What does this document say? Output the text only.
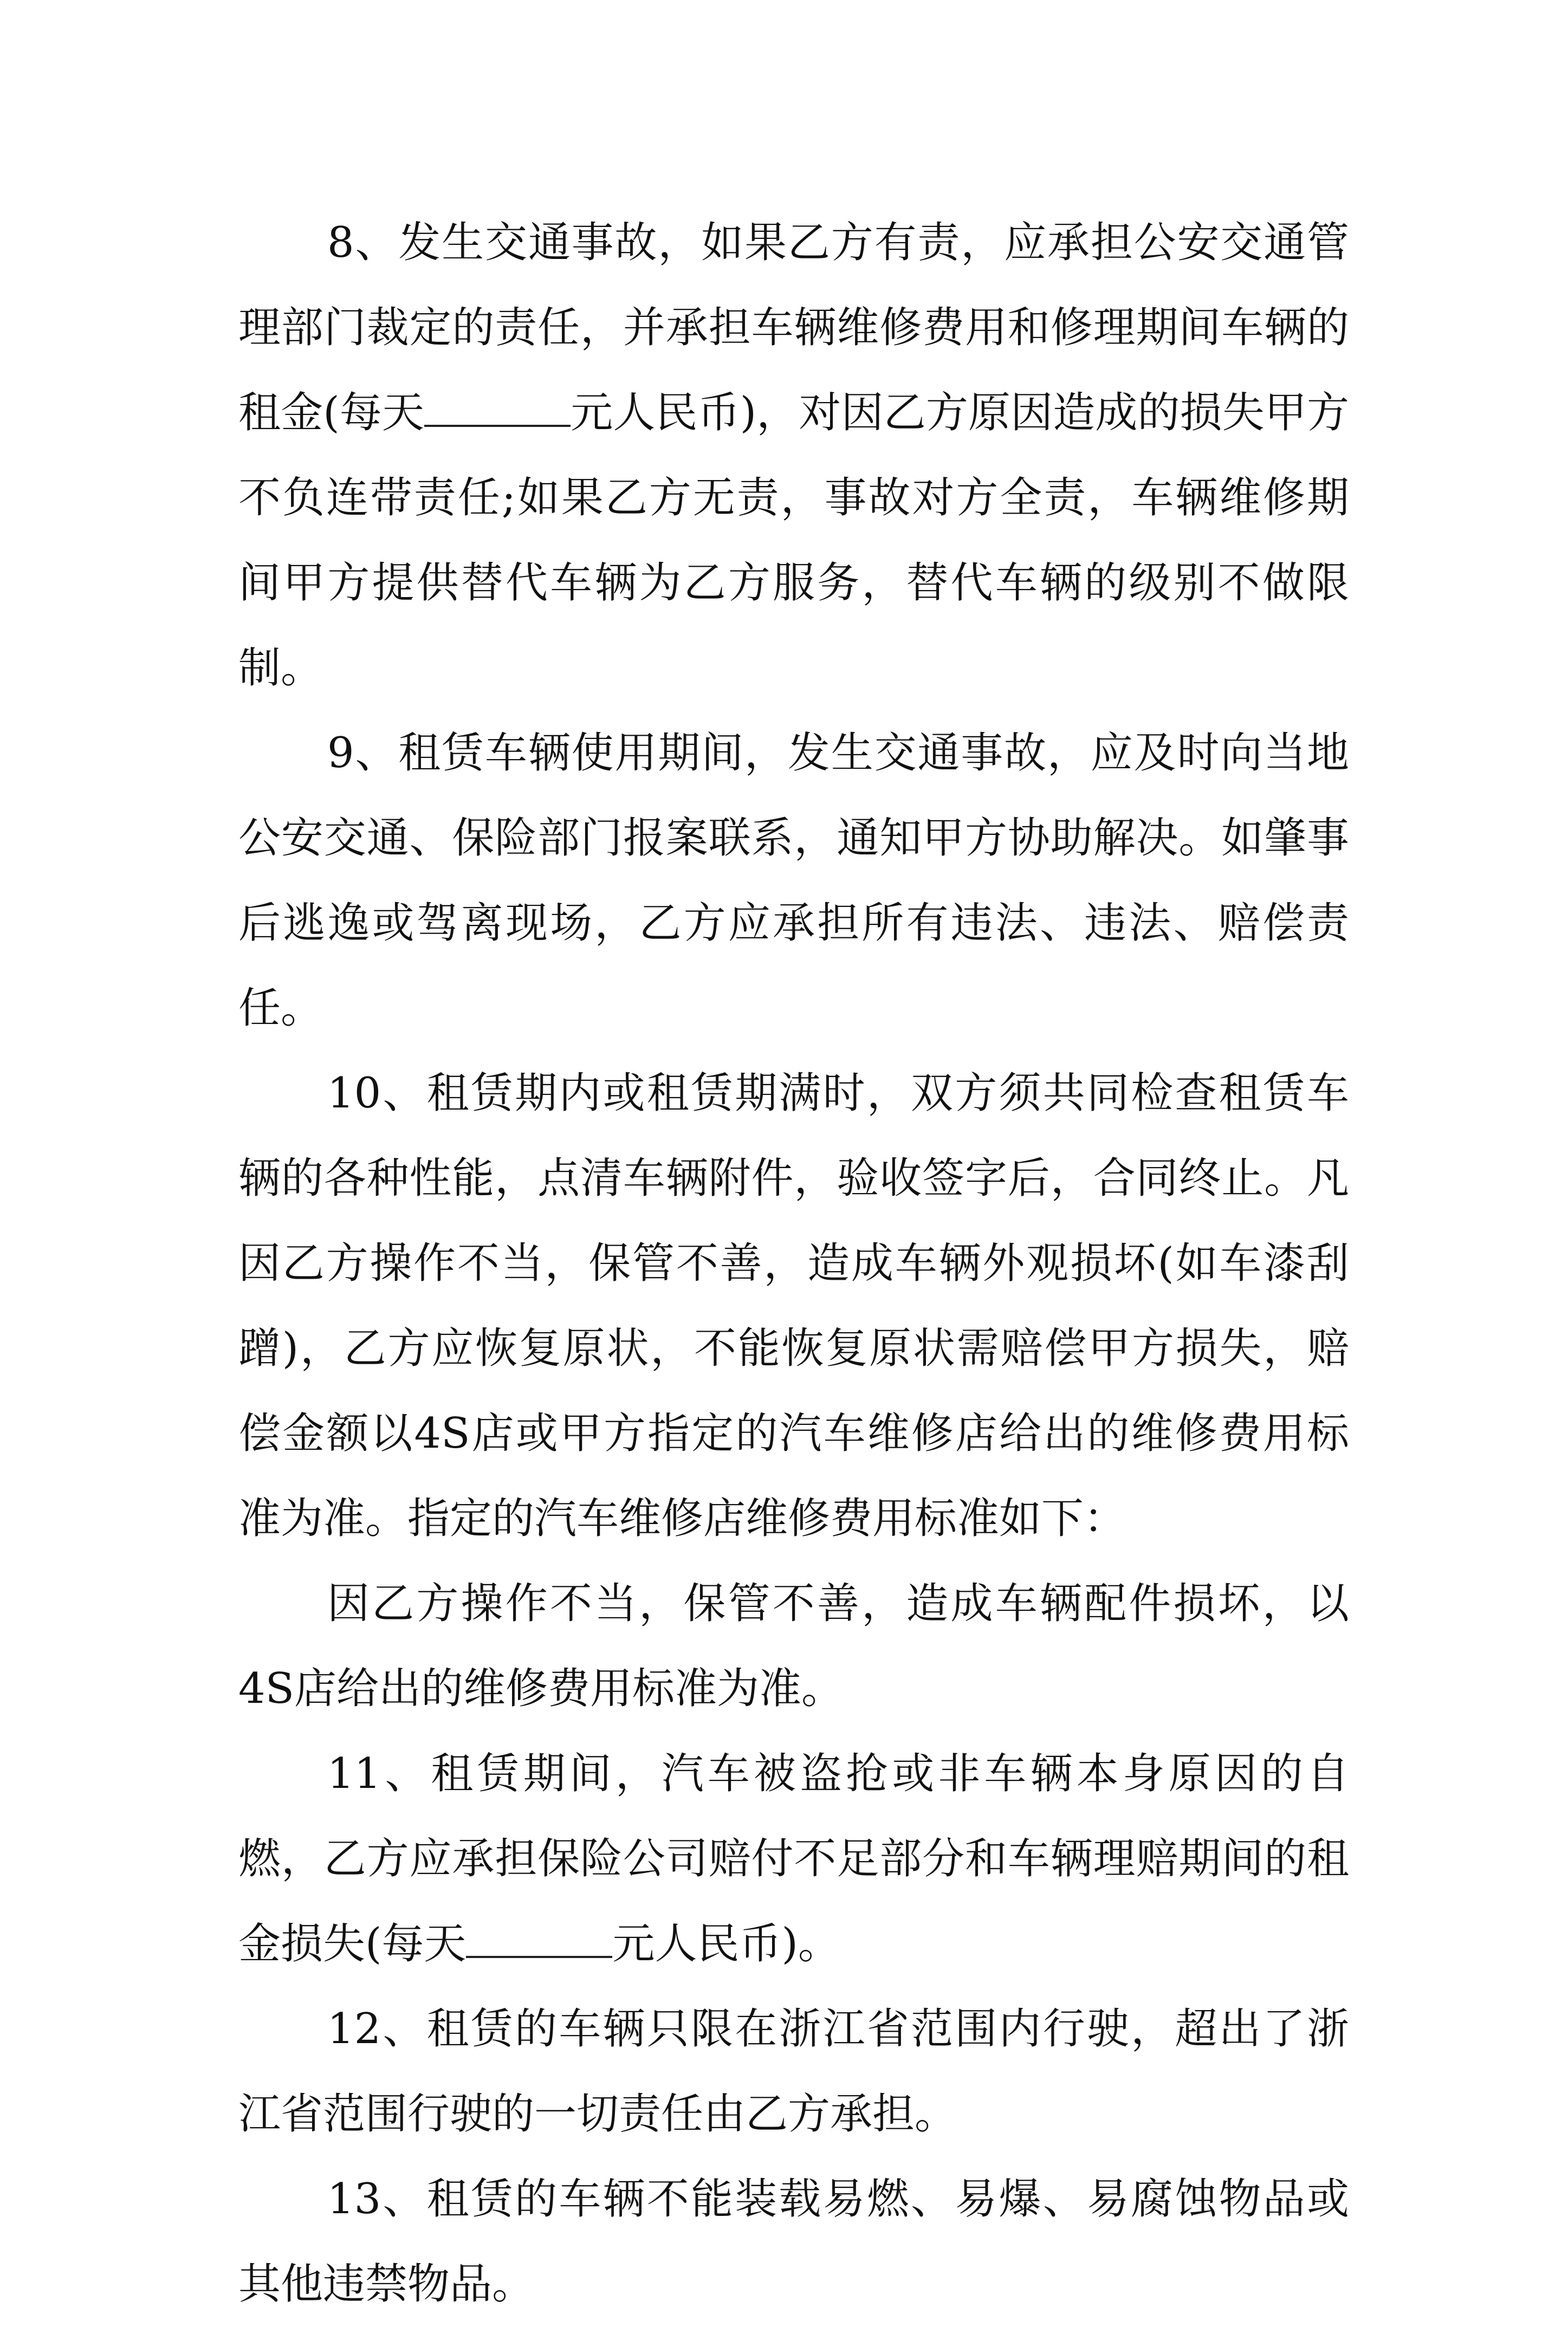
8、发生交通事故，如果乙方有责，应承担公安交通管理部门裁定的责任，并承担车辆维修费用和修理期间车辆的租金(每天	元人民币)，对因乙方原因造成的损失甲方不负连带责任;如果乙方无责，事故对方全责，车辆维修期间甲方提供替代车辆为乙方服务，替代车辆的级别不做限制。

9、租赁车辆使用期间，发生交通事故，应及时向当地公安交通、保险部门报案联系，通知甲方协助解决。如肇事后逃逸或驾离现场，乙方应承担所有违法、违法、赔偿责任。

10、租赁期内或租赁期满时，双方须共同检查租赁车辆的各种性能，点清车辆附件，验收签字后，合同终止。凡因乙方操作不当，保管不善，造成车辆外观损坏(如车漆刮蹭)，乙方应恢复原状，不能恢复原状需赔偿甲方损失，赔偿金额以4S店或甲方指定的汽车维修店给出的维修费用标准为准。指定的汽车维修店维修费用标准如下：

因乙方操作不当，保管不善，造成车辆配件损坏，以4S店给出的维修费用标准为准。

11、租赁期间，汽车被盗抢或非车辆本身原因的自燃，乙方应承担保险公司赔付不足部分和车辆理赔期间的租金损失(每天	元人民币)。

12、租赁的车辆只限在浙江省范围内行驶，超出了浙江省范围行驶的一切责任由乙方承担。

13、租赁的车辆不能装载易燃、易爆、易腐蚀物品或其他违禁物品。
